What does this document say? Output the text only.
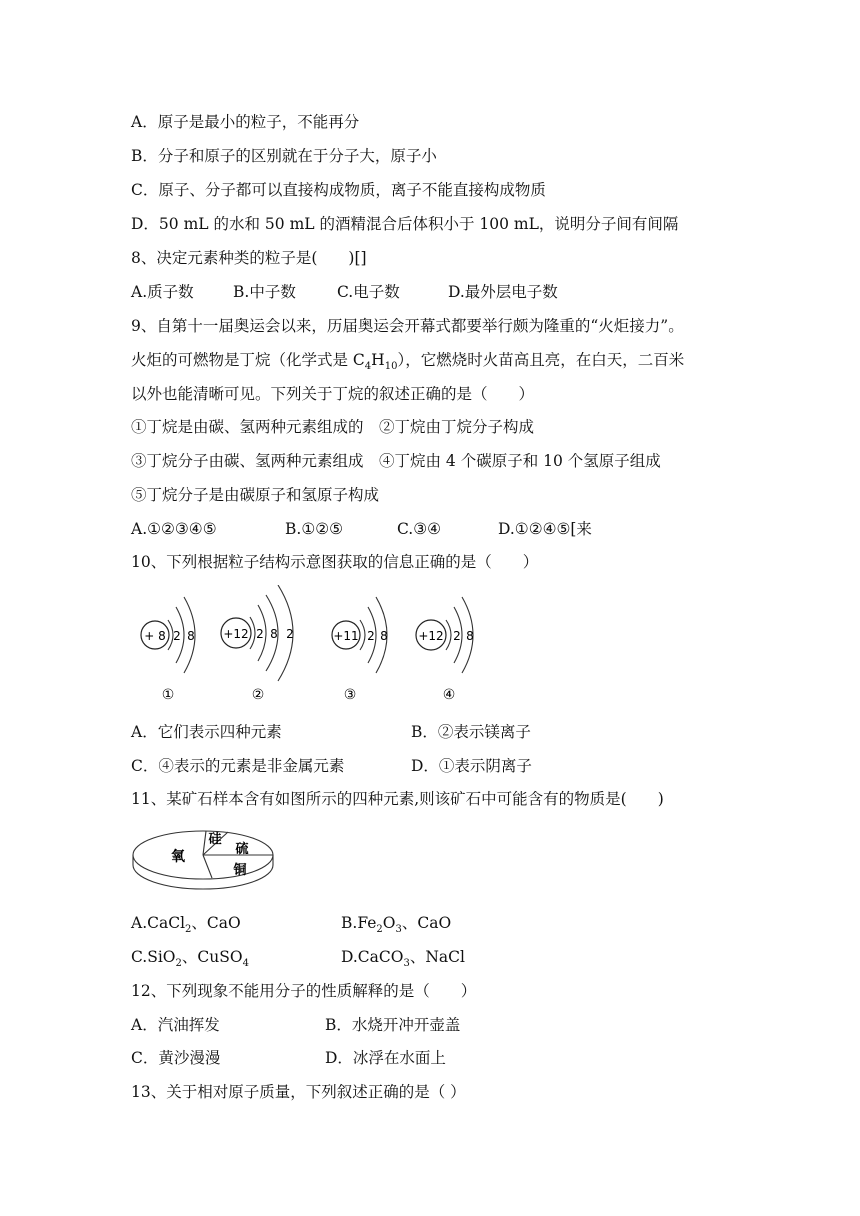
A．原子是最小的粒子，不能再分
B．分子和原子的区别就在于分子大，原子小
C．原子、分子都可以直接构成物质，离子不能直接构成物质
D．50 mL 的水和 50 mL 的酒精混合后体积小于 100 mL，说明分子间有间隔
8、决定元素种类的粒子是(　　)[]
A.质子数	B.中子数	C.电子数	D.最外层电子数
9、自第十一届奥运会以来，历届奥运会开幕式都要举行颇为隆重的“火炬接力”。
火炬的可燃物是丁烷（化学式是 $C_4H_{10}$），它燃烧时火苗高且亮，在白天，二百米
以外也能清晰可见。下列关于丁烷的叙述正确的是（　　）
①丁烷是由碳、氢两种元素组成的　②丁烷由丁烷分子构成
③丁烷分子由碳、氢两种元素组成　④丁烷由 4 个碳原子和 10 个氢原子组成
⑤丁烷分子是由碳原子和氢原子构成
A.①②③④⑤	B.①②⑤	C.③④	D.①②④⑤[来
10、下列根据粒子结构示意图获取的信息正确的是（　　）
+ 8 2 8
①
+12 2 8 2
②
+11 2 8
③
+12 2 8
④
A．它们表示四种元素	B．②表示镁离子
C．④表示的元素是非金属元素	D．①表示阴离子
11、某矿石样本含有如图所示的四种元素,则该矿石中可能含有的物质是(　　)
氧
硅
硫
铜
A.CaCl$_2$、CaO	$B.Fe_2O_3$、CaO
C.SiO$_2$、CuSO$_4$	D.CaCO$_3$、NaCl
12、下列现象不能用分子的性质解释的是（　　）
A．汽油挥发	B．水烧开冲开壶盖
C．黄沙漫漫	D．冰浮在水面上
13、关于相对原子质量，下列叙述正确的是（ ）
